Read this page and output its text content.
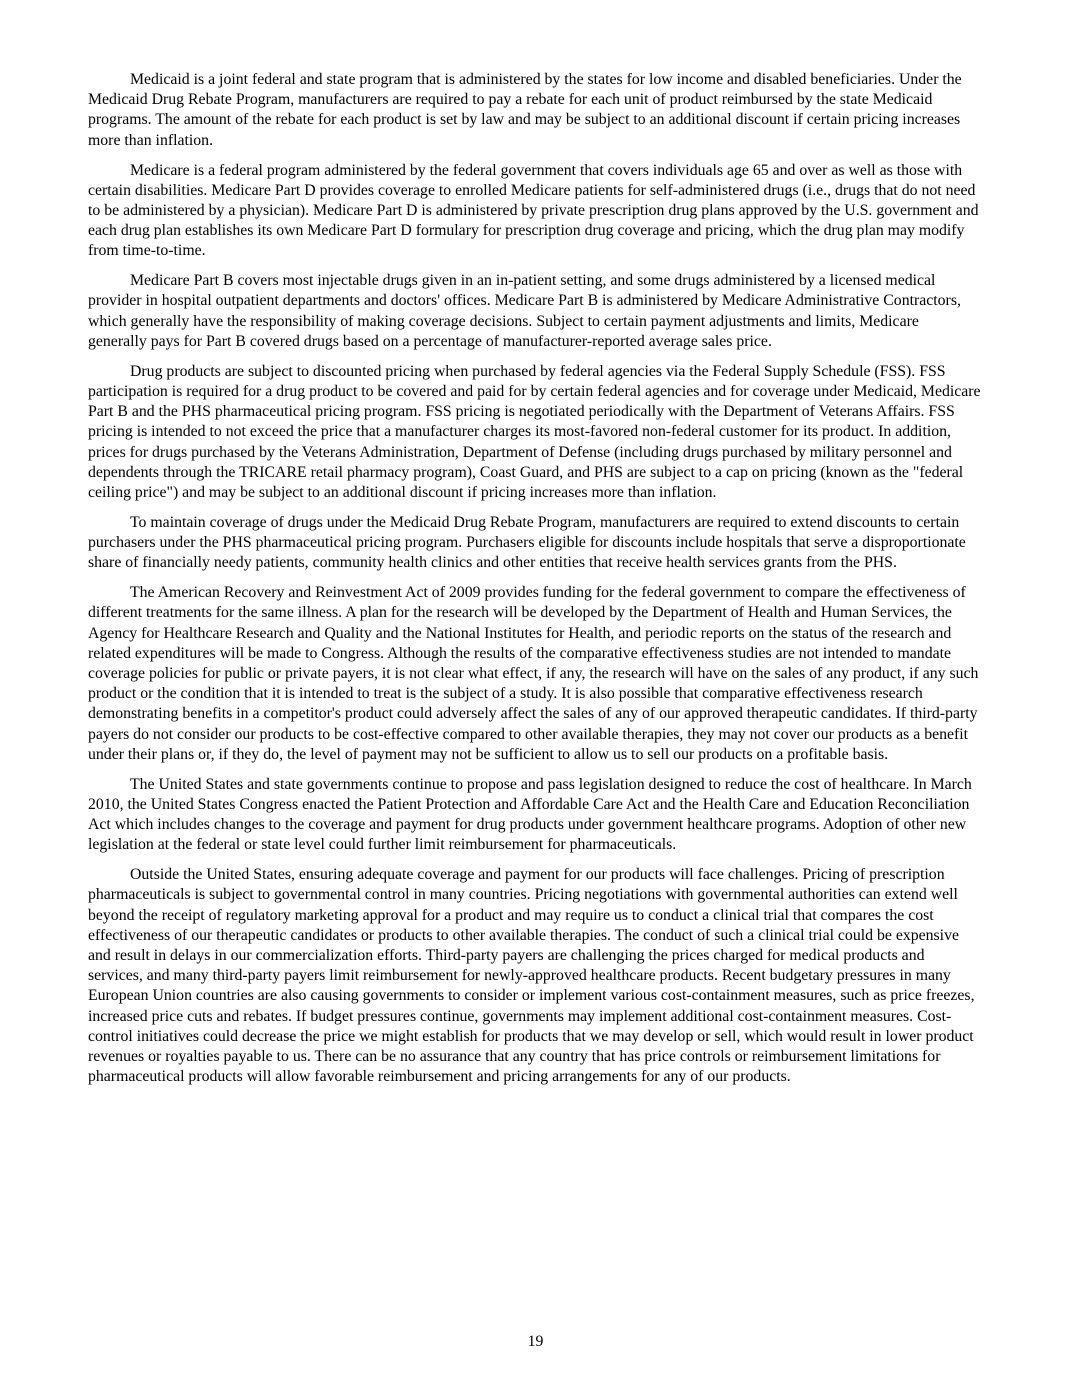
Medicaid is a joint federal and state program that is administered by the states for low income and disabled beneficiaries. Under the Medicaid Drug Rebate Program, manufacturers are required to pay a rebate for each unit of product reimbursed by the state Medicaid programs. The amount of the rebate for each product is set by law and may be subject to an additional discount if certain pricing increases more than inflation.

Medicare is a federal program administered by the federal government that covers individuals age 65 and over as well as those with certain disabilities. Medicare Part D provides coverage to enrolled Medicare patients for self-administered drugs (i.e., drugs that do not need to be administered by a physician). Medicare Part D is administered by private prescription drug plans approved by the U.S. government and each drug plan establishes its own Medicare Part D formulary for prescription drug coverage and pricing, which the drug plan may modify from time-to-time.

Medicare Part B covers most injectable drugs given in an in-patient setting, and some drugs administered by a licensed medical provider in hospital outpatient departments and doctors' offices. Medicare Part B is administered by Medicare Administrative Contractors, which generally have the responsibility of making coverage decisions. Subject to certain payment adjustments and limits, Medicare generally pays for Part B covered drugs based on a percentage of manufacturer-reported average sales price.

Drug products are subject to discounted pricing when purchased by federal agencies via the Federal Supply Schedule (FSS). FSS participation is required for a drug product to be covered and paid for by certain federal agencies and for coverage under Medicaid, Medicare Part B and the PHS pharmaceutical pricing program. FSS pricing is negotiated periodically with the Department of Veterans Affairs. FSS pricing is intended to not exceed the price that a manufacturer charges its most-favored non-federal customer for its product. In addition, prices for drugs purchased by the Veterans Administration, Department of Defense (including drugs purchased by military personnel and dependents through the TRICARE retail pharmacy program), Coast Guard, and PHS are subject to a cap on pricing (known as the "federal ceiling price") and may be subject to an additional discount if pricing increases more than inflation.

To maintain coverage of drugs under the Medicaid Drug Rebate Program, manufacturers are required to extend discounts to certain purchasers under the PHS pharmaceutical pricing program. Purchasers eligible for discounts include hospitals that serve a disproportionate share of financially needy patients, community health clinics and other entities that receive health services grants from the PHS.

The American Recovery and Reinvestment Act of 2009 provides funding for the federal government to compare the effectiveness of different treatments for the same illness. A plan for the research will be developed by the Department of Health and Human Services, the Agency for Healthcare Research and Quality and the National Institutes for Health, and periodic reports on the status of the research and related expenditures will be made to Congress. Although the results of the comparative effectiveness studies are not intended to mandate coverage policies for public or private payers, it is not clear what effect, if any, the research will have on the sales of any product, if any such product or the condition that it is intended to treat is the subject of a study. It is also possible that comparative effectiveness research demonstrating benefits in a competitor's product could adversely affect the sales of any of our approved therapeutic candidates. If third-party payers do not consider our products to be cost-effective compared to other available therapies, they may not cover our products as a benefit under their plans or, if they do, the level of payment may not be sufficient to allow us to sell our products on a profitable basis.

The United States and state governments continue to propose and pass legislation designed to reduce the cost of healthcare. In March 2010, the United States Congress enacted the Patient Protection and Affordable Care Act and the Health Care and Education Reconciliation Act which includes changes to the coverage and payment for drug products under government healthcare programs. Adoption of other new legislation at the federal or state level could further limit reimbursement for pharmaceuticals.

Outside the United States, ensuring adequate coverage and payment for our products will face challenges. Pricing of prescription pharmaceuticals is subject to governmental control in many countries. Pricing negotiations with governmental authorities can extend well beyond the receipt of regulatory marketing approval for a product and may require us to conduct a clinical trial that compares the cost effectiveness of our therapeutic candidates or products to other available therapies. The conduct of such a clinical trial could be expensive and result in delays in our commercialization efforts. Third-party payers are challenging the prices charged for medical products and services, and many third-party payers limit reimbursement for newly-approved healthcare products. Recent budgetary pressures in many European Union countries are also causing governments to consider or implement various cost-containment measures, such as price freezes, increased price cuts and rebates. If budget pressures continue, governments may implement additional cost-containment measures. Cost-control initiatives could decrease the price we might establish for products that we may develop or sell, which would result in lower product revenues or royalties payable to us. There can be no assurance that any country that has price controls or reimbursement limitations for pharmaceutical products will allow favorable reimbursement and pricing arrangements for any of our products.

19
